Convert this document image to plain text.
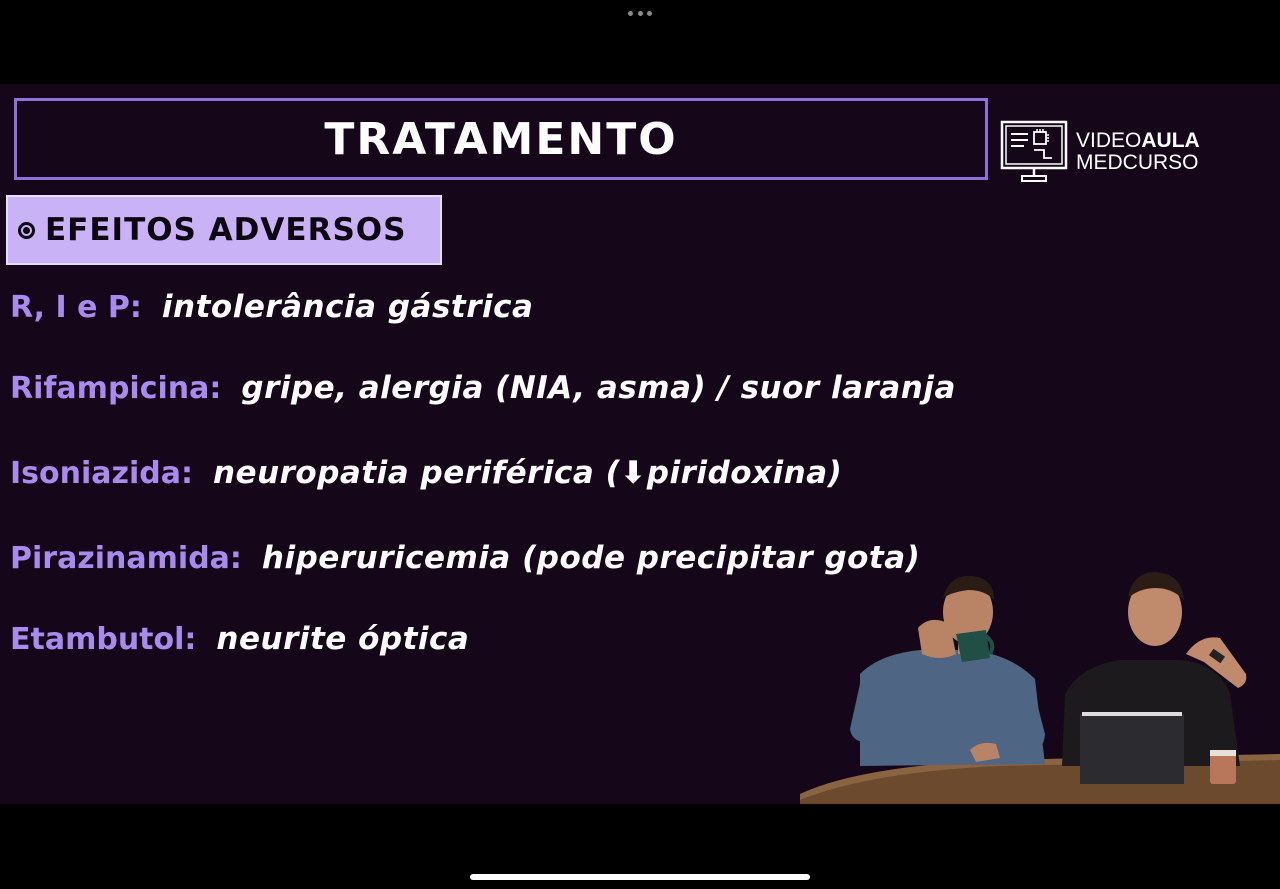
TRATAMENTO	VIDEOAULA
MEDCURSO
EFEITOS ADVERSOS
R, I e P: intolerância gástrica
Rifampicina: gripe, alergia (NIA, asma) / suor laranja
Isoniazida: neuropatia periférica (⬇piridoxina)
Pirazinamida: hiperuricemia (pode precipitar gota)
Etambutol: neurite óptica
